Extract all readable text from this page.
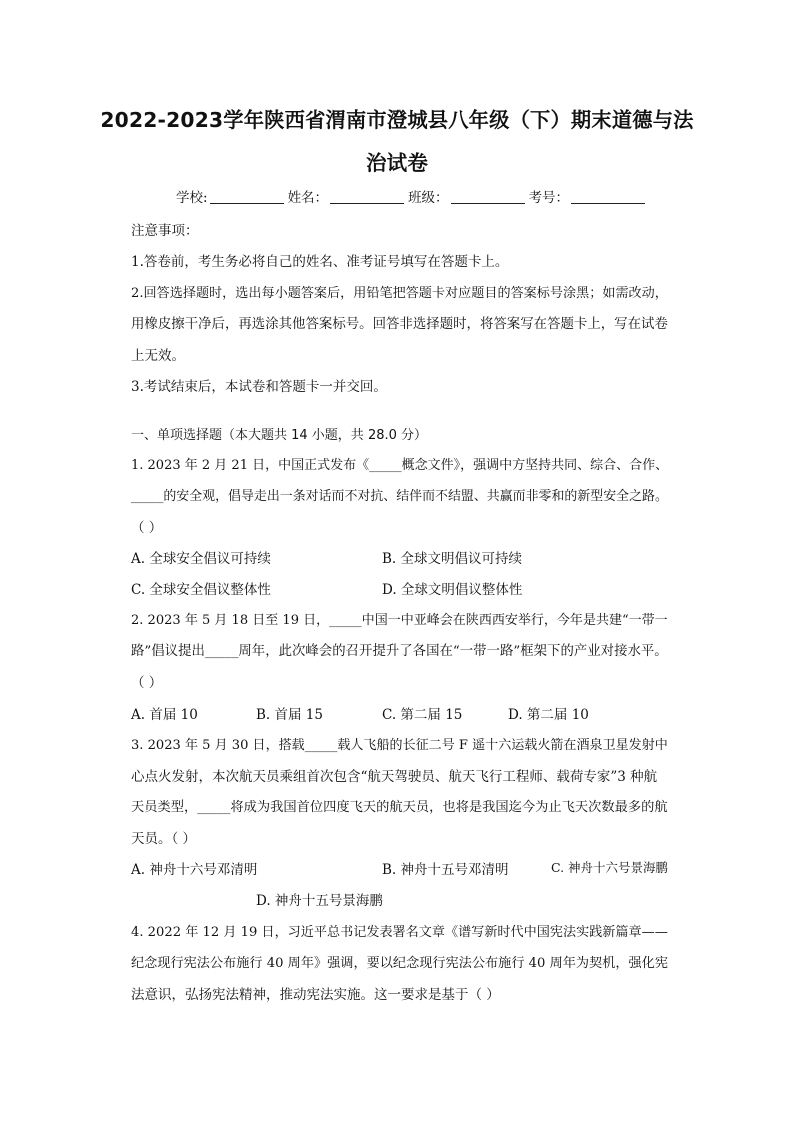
2022-2023学年陕西省渭南市澄城县八年级（下）期末道德与法
治试卷
学校:	姓名：	班级：	考号：
注意事项：
1.答卷前，考生务必将自己的姓名、准考证号填写在答题卡上。
2.回答选择题时，选出每小题答案后，用铅笔把答题卡对应题目的答案标号涂黑；如需改动，
用橡皮擦干净后，再选涂其他答案标号。回答非选择题时，将答案写在答题卡上，写在试卷
上无效。
3.考试结束后，本试卷和答题卡一并交回。
一、单项选择题（本大题共 14 小题，共 28.0 分）
1. 2023 年 2 月 21 日，中国正式发布《_____概念文件》，强调中方坚持共同、综合、合作、
_____的安全观，倡导走出一条对话而不对抗、结伴而不结盟、共赢而非零和的新型安全之路。
（ ）
A. 全球安全倡议可持续	B. 全球文明倡议可持续
C. 全球安全倡议整体性	D. 全球文明倡议整体性
2. 2023 年 5 月 18 日至 19 日，_____中国一中亚峰会在陕西西安举行，今年是共建“一带一
路”倡议提出_____周年，此次峰会的召开提升了各国在“一带一路”框架下的产业对接水平。
（ ）
A. 首届 10	B. 首届 15	C. 第二届 15	D. 第二届 10
3. 2023 年 5 月 30 日，搭载_____载人飞船的长征二号 F 遥十六运载火箭在酒泉卫星发射中
心点火发射，本次航天员乘组首次包含“航天驾驶员、航天飞行工程师、载荷专家”3 种航
天员类型，_____将成为我国首位四度飞天的航天员，也将是我国迄今为止飞天次数最多的航
天员。（ ）
A. 神舟十六号邓清明	B. 神舟十五号邓清明	C. 神舟十六号景海鹏
D. 神舟十五号景海鹏
4. 2022 年 12 月 19 日，习近平总书记发表署名文章《谱写新时代中国宪法实践新篇章——
纪念现行宪法公布施行 40 周年》强调，要以纪念现行宪法公布施行 40 周年为契机，强化宪
法意识，弘扬宪法精神，推动宪法实施。这一要求是基于（ ）
